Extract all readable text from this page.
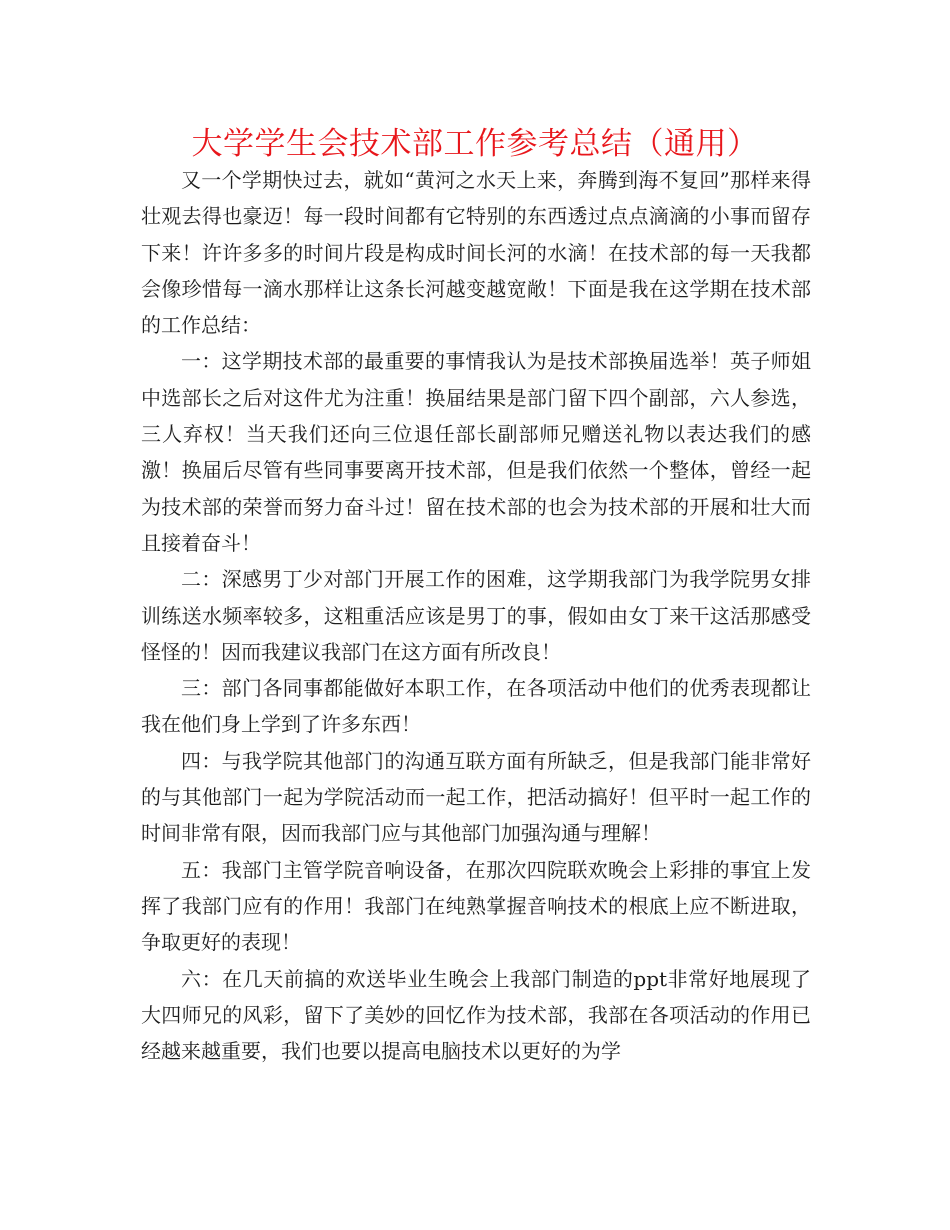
大学学生会技术部工作参考总结（通用）

又一个学期快过去，就如“黄河之水天上来，奔腾到海不复回”那样来得壮观去得也豪迈！每一段时间都有它特别的东西透过点点滴滴的小事而留存下来！许许多多的时间片段是构成时间长河的水滴！在技术部的每一天我都会像珍惜每一滴水那样让这条长河越变越宽敞！下面是我在这学期在技术部的工作总结：

一：这学期技术部的最重要的事情我认为是技术部换届选举！英子师姐中选部长之后对这件尤为注重！换届结果是部门留下四个副部，六人参选，三人弃权！当天我们还向三位退任部长副部师兄赠送礼物以表达我们的感激！换届后尽管有些同事要离开技术部，但是我们依然一个整体，曾经一起为技术部的荣誉而努力奋斗过！留在技术部的也会为技术部的开展和壮大而且接着奋斗！

二：深感男丁少对部门开展工作的困难，这学期我部门为我学院男女排训练送水频率较多，这粗重活应该是男丁的事，假如由女丁来干这活那感受怪怪的！因而我建议我部门在这方面有所改良！

三：部门各同事都能做好本职工作，在各项活动中他们的优秀表现都让我在他们身上学到了许多东西！

四：与我学院其他部门的沟通互联方面有所缺乏，但是我部门能非常好的与其他部门一起为学院活动而一起工作，把活动搞好！但平时一起工作的时间非常有限，因而我部门应与其他部门加强沟通与理解！

五：我部门主管学院音响设备，在那次四院联欢晚会上彩排的事宜上发挥了我部门应有的作用！我部门在纯熟掌握音响技术的根底上应不断进取，争取更好的表现！

六：在几天前搞的欢送毕业生晚会上我部门制造的ppt非常好地展现了大四师兄的风彩，留下了美妙的回忆作为技术部，我部在各项活动的作用已经越来越重要，我们也要以提高电脑技术以更好的为学
